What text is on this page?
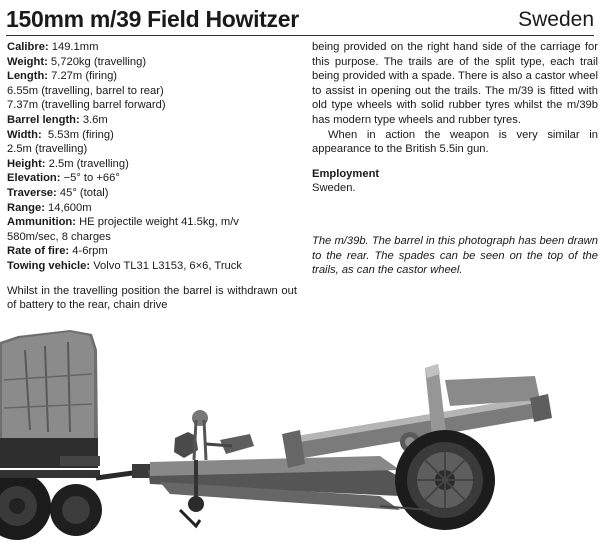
150mm m/39 Field Howitzer	Sweden
Calibre: 149.1mm
Weight: 5,720kg (travelling)
Length: 7.27m (firing)
6.55m (travelling, barrel to rear)
7.37m (travelling barrel forward)
Barrel length: 3.6m
Width:  5.53m (firing)
2.5m (travelling)
Height: 2.5m (travelling)
Elevation: −5° to +66°
Traverse: 45° (total)
Range: 14,600m
Ammunition: HE projectile weight 41.5kg, m/v
580m/sec, 8 charges
Rate of fire: 4-6rpm
Towing vehicle: Volvo TL31 L3153, 6×6, Truck
Whilst in the travelling position the barrel is withdrawn out of battery to the rear, chain drive

being provided on the right hand side of the carriage for this purpose. The trails are of the split type, each trail being provided with a spade. There is also a castor wheel to assist in opening out the trails. The m/39 is fitted with old type wheels with solid rubber tyres whilst the m/39b has modern type wheels and rubber tyres.

When in action the weapon is very similar in appearance to the British 5.5in gun.

Employment
Sweden.
The m/39b. The barrel in this photograph has been drawn to the rear. The spades can be seen on the top of the trails, as can the castor wheel.
